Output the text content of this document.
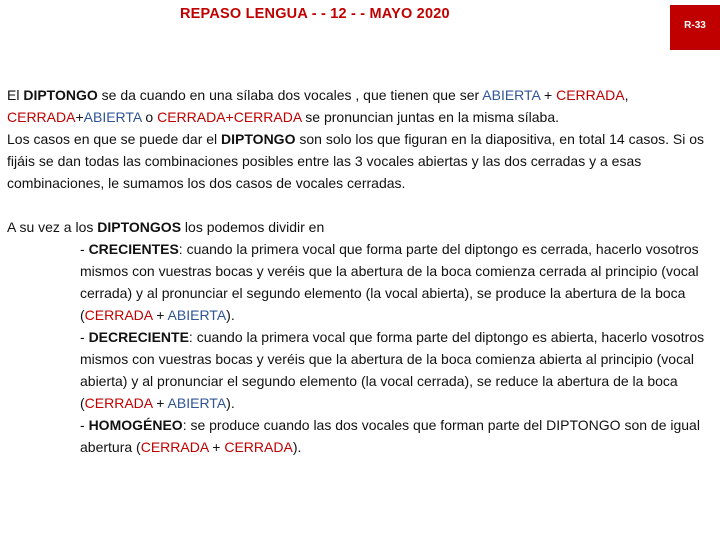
REPASO LENGUA - - 12 - - MAYO 2020
R-33

El DIPTONGO se da cuando en una sílaba dos vocales , que tienen que ser ABIERTA + CERRADA, CERRADA+ABIERTA o CERRADA+CERRADA se pronuncian juntas en la misma sílaba.

Los casos en que se puede dar el DIPTONGO son solo los que figuran en la diapositiva, en total 14 casos. Si os fijáis se dan todas las combinaciones posibles entre las 3 vocales abiertas y las dos cerradas y a esas combinaciones, le sumamos los dos casos de vocales cerradas.

A su vez a los DIPTONGOS los podemos dividir en

- CRECIENTES: cuando la primera vocal que forma parte del diptongo es cerrada, hacerlo vosotros mismos con vuestras bocas y veréis que la abertura de la boca comienza cerrada al principio (vocal cerrada) y al pronunciar el segundo elemento (la vocal abierta), se produce la abertura de la boca (CERRADA + ABIERTA).

- DECRECIENTE: cuando la primera vocal que forma parte del diptongo es abierta, hacerlo vosotros mismos con vuestras bocas y veréis que la abertura de la boca comienza abierta al principio (vocal abierta) y al pronunciar el segundo elemento (la vocal cerrada), se reduce la abertura de la boca (CERRADA + ABIERTA).

- HOMOGÉNEO: se produce cuando las dos vocales que forman parte del DIPTONGO son de igual abertura (CERRADA + CERRADA).
